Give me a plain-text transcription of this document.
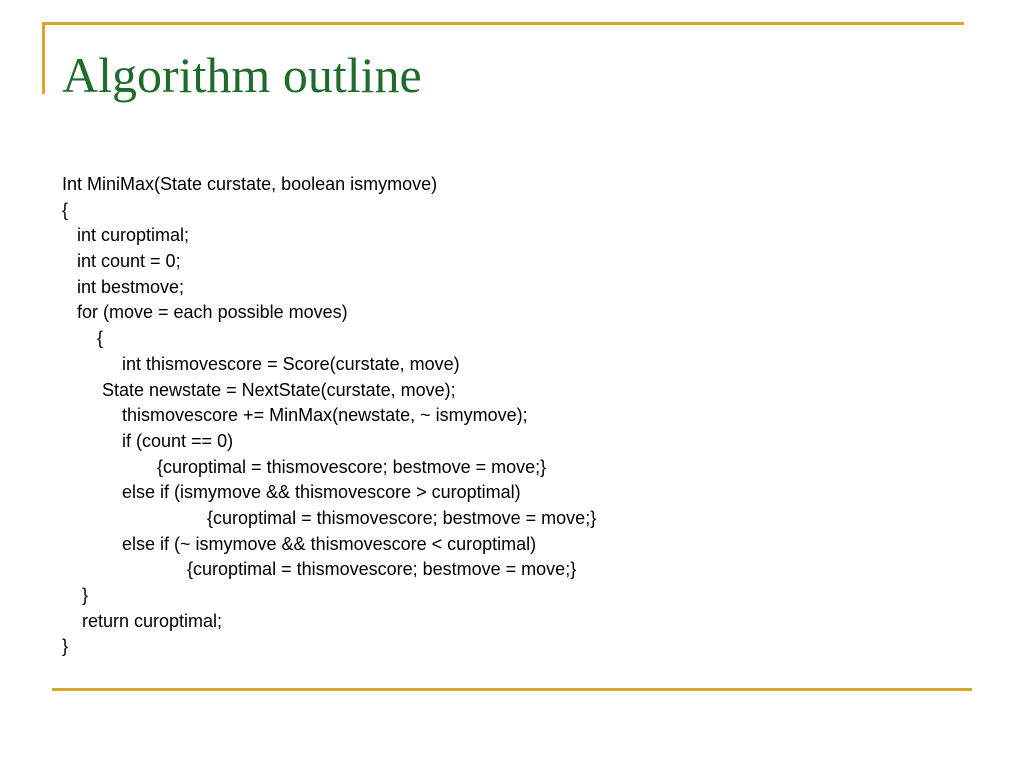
Algorithm outline
Int MiniMax(State curstate, boolean ismymove)
{
int curoptimal;
int count = 0;
int bestmove;
for (move = each possible moves)
{
int thismovescore = Score(curstate, move)
State newstate = NextState(curstate, move);
thismovescore += MinMax(newstate, ~ ismymove);
if (count == 0)
{curoptimal = thismovescore; bestmove = move;}
else if (ismymove && thismovescore > curoptimal)
{curoptimal = thismovescore; bestmove = move;}
else if (~ ismymove && thismovescore < curoptimal)
{curoptimal = thismovescore; bestmove = move;}
}
return curoptimal;
}
